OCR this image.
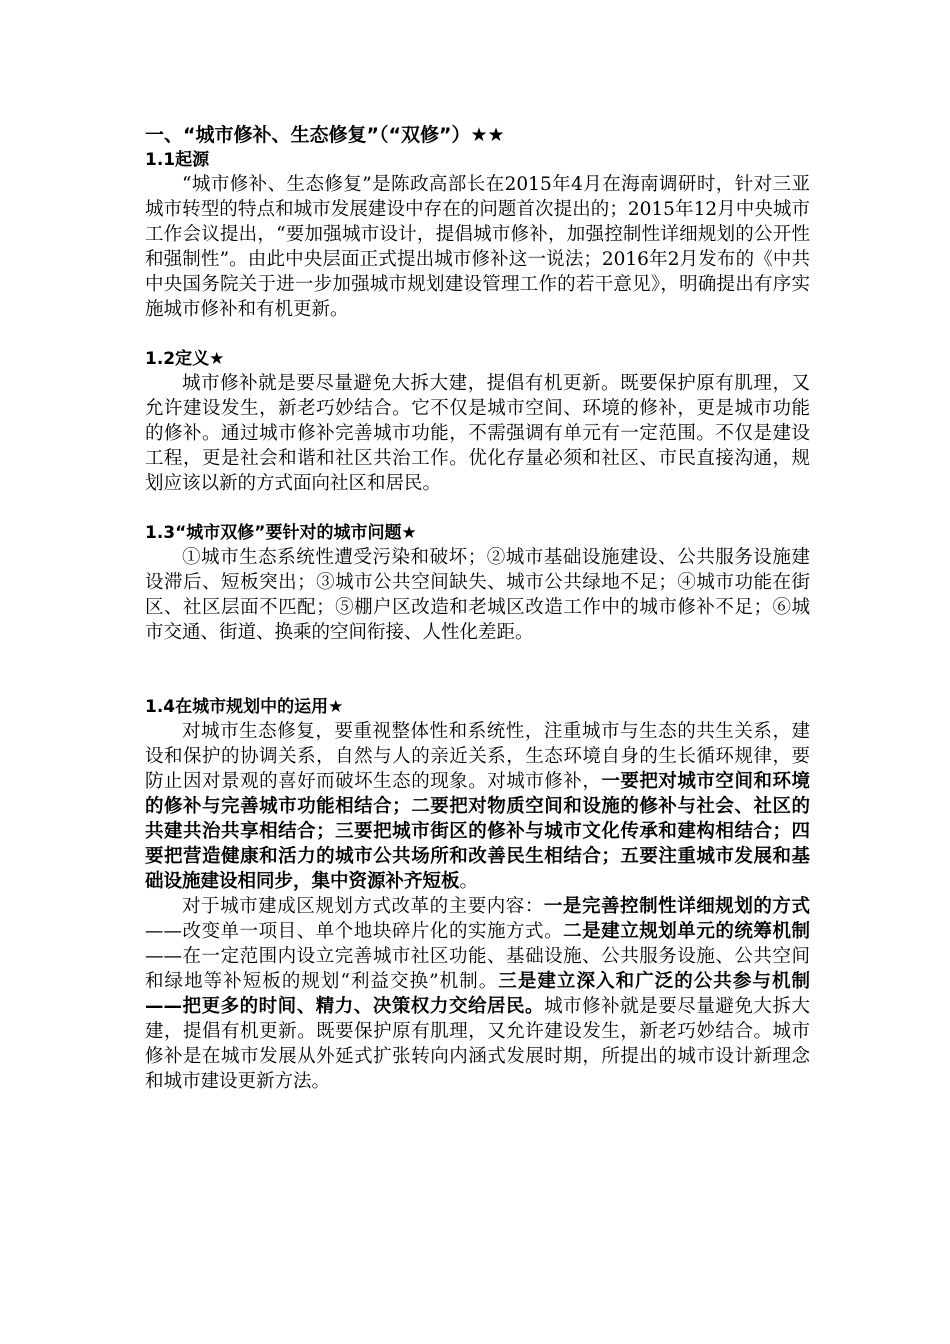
一、“城市修补、生态修复”（“双修”）★★

1.1起源

“城市修补、生态修复”是陈政高部长在2015年4月在海南调研时，针对三亚城市转型的特点和城市发展建设中存在的问题首次提出的；2015年12月中央城市工作会议提出，“要加强城市设计，提倡城市修补，加强控制性详细规划的公开性和强制性”。由此中央层面正式提出城市修补这一说法；2016年2月发布的《中共中央国务院关于进一步加强城市规划建设管理工作的若干意见》，明确提出有序实施城市修补和有机更新。

1.2定义★

城市修补就是要尽量避免大拆大建，提倡有机更新。既要保护原有肌理，又允许建设发生，新老巧妙结合。它不仅是城市空间、环境的修补，更是城市功能的修补。通过城市修补完善城市功能，不需强调有单元有一定范围。不仅是建设工程，更是社会和谐和社区共治工作。优化存量必须和社区、市民直接沟通，规划应该以新的方式面向社区和居民。

1.3“城市双修”要针对的城市问题★

①城市生态系统性遭受污染和破坏；②城市基础设施建设、公共服务设施建设滞后、短板突出；③城市公共空间缺失、城市公共绿地不足；④城市功能在街区、社区层面不匹配；⑤棚户区改造和老城区改造工作中的城市修补不足；⑥城市交通、街道、换乘的空间衔接、人性化差距。

1.4在城市规划中的运用★

对城市生态修复，要重视整体性和系统性，注重城市与生态的共生关系，建设和保护的协调关系，自然与人的亲近关系，生态环境自身的生长循环规律，要防止因对景观的喜好而破坏生态的现象。对城市修补，一要把对城市空间和环境的修补与完善城市功能相结合；二要把对物质空间和设施的修补与社会、社区的共建共治共享相结合；三要把城市街区的修补与城市文化传承和建构相结合；四要把营造健康和活力的城市公共场所和改善民生相结合；五要注重城市发展和基础设施建设相同步，集中资源补齐短板。

对于城市建成区规划方式改革的主要内容：一是完善控制性详细规划的方式——改变单一项目、单个地块碎片化的实施方式。二是建立规划单元的统筹机制——在一定范围内设立完善城市社区功能、基础设施、公共服务设施、公共空间和绿地等补短板的规划“利益交换”机制。三是建立深入和广泛的公共参与机制——把更多的时间、精力、决策权力交给居民。城市修补就是要尽量避免大拆大建，提倡有机更新。既要保护原有肌理，又允许建设发生，新老巧妙结合。城市修补是在城市发展从外延式扩张转向内涵式发展时期，所提出的城市设计新理念和城市建设更新方法。
